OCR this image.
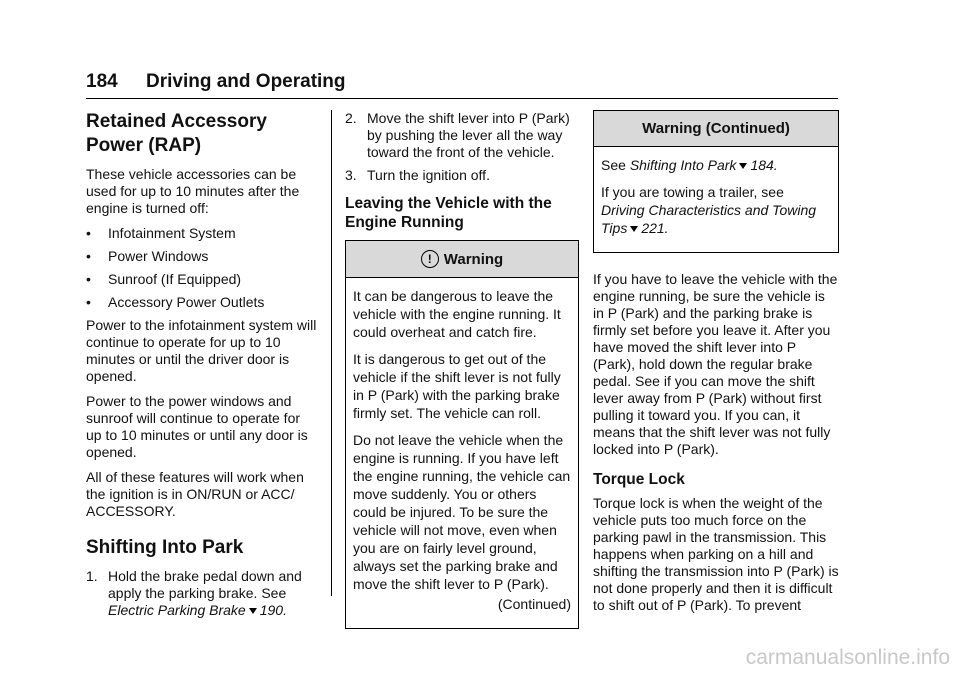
184 Driving and Operating
Retained Accessory Power (RAP)

These vehicle accessories can be used for up to 10 minutes after the engine is turned off:

•	Infotainment System
•	Power Windows
•	Sunroof (If Equipped)
•	Accessory Power Outlets

Power to the infotainment system will continue to operate for up to 10 minutes or until the driver door is opened.

Power to the power windows and sunroof will continue to operate for up to 10 minutes or until any door is opened.

All of these features will work when the ignition is in ON/RUN or ACC/ ACCESSORY.

Shifting Into Park
1. Hold the brake pedal down and apply the parking brake. See Electric Parking Brake 190.
2. Move the shift lever into P (Park) by pushing the lever all the way toward the front of the vehicle.
3. Turn the ignition off.
Leaving the Vehicle with the Engine Running
! Warning

It can be dangerous to leave the vehicle with the engine running. It could overheat and catch fire.

It is dangerous to get out of the vehicle if the shift lever is not fully in P (Park) with the parking brake firmly set. The vehicle can roll.

Do not leave the vehicle when the engine is running. If you have left the engine running, the vehicle can move suddenly. You or others could be injured. To be sure the vehicle will not move, even when you are on fairly level ground, always set the parking brake and move the shift lever to P (Park).

(Continued)

Warning (Continued)

See Shifting Into Park 184.

If you are towing a trailer, see Driving Characteristics and Towing Tips 221.

If you have to leave the vehicle with the engine running, be sure the vehicle is in P (Park) and the parking brake is firmly set before you leave it. After you have moved the shift lever into P (Park), hold down the regular brake pedal. See if you can move the shift lever away from P (Park) without first pulling it toward you. If you can, it means that the shift lever was not fully locked into P (Park).

Torque Lock

Torque lock is when the weight of the vehicle puts too much force on the parking pawl in the transmission. This happens when parking on a hill and shifting the transmission into P (Park) is not done properly and then it is difficult to shift out of P (Park). To prevent

carmanualsonline.info
